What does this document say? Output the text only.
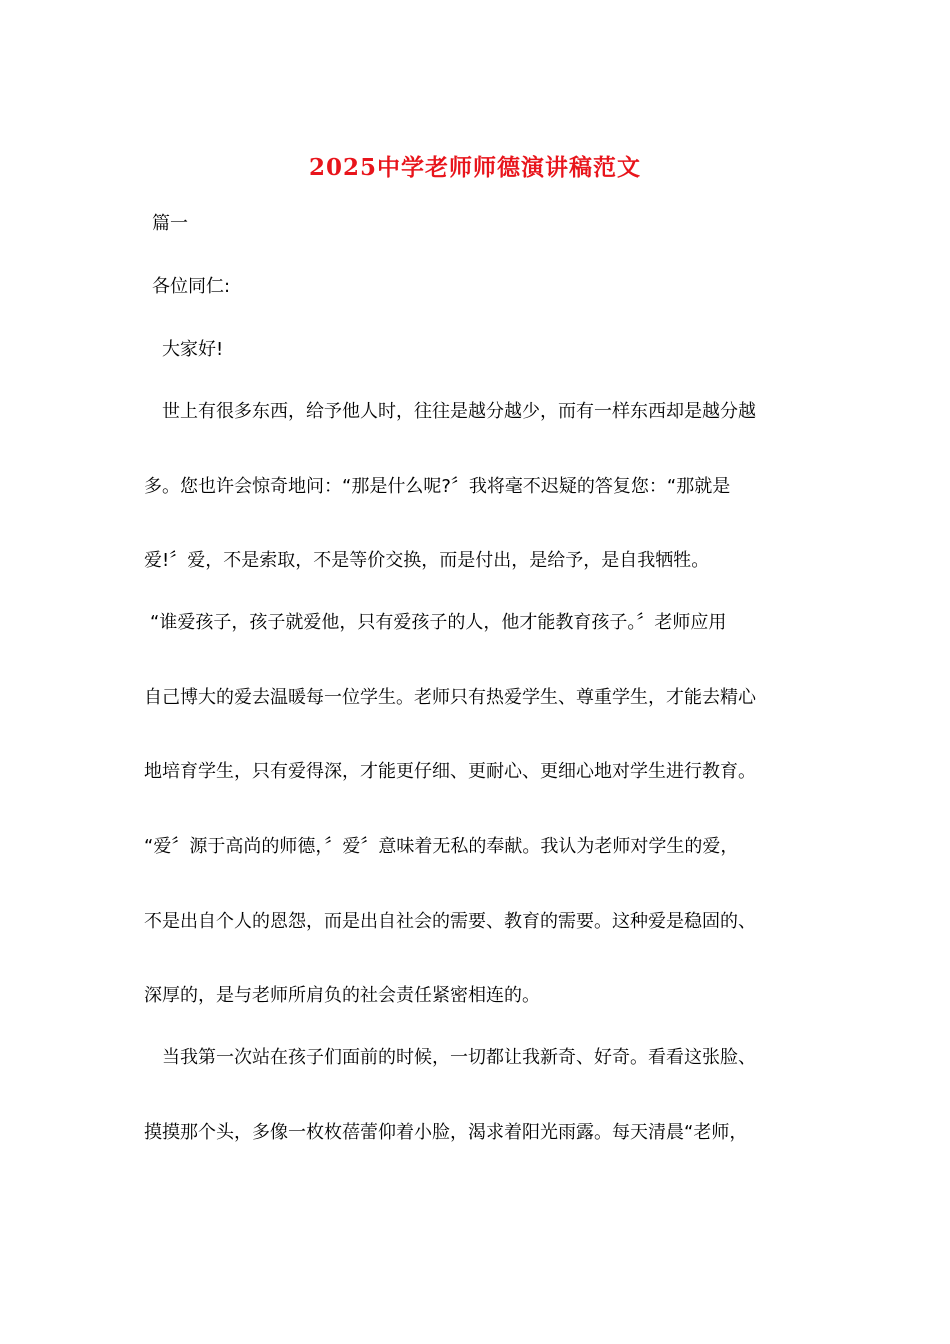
2025中学老师师德演讲稿范文
篇一
各位同仁:
大家好!
世上有很多东西，给予他人时，往往是越分越少，而有一样东西却是越分越
多。您也许会惊奇地问：“那是什么呢?〞我将毫不迟疑的答复您：“那就是
爱!〞爱，不是索取，不是等价交换，而是付出，是给予，是自我牺牲。
“谁爱孩子，孩子就爱他，只有爱孩子的人，他才能教育孩子。〞老师应用
自己博大的爱去温暖每一位学生。老师只有热爱学生、尊重学生，才能去精心
地培育学生，只有爱得深，才能更仔细、更耐心、更细心地对学生进行教育。
“爱〞源于高尚的师德，〞爱〞意味着无私的奉献。我认为老师对学生的爱，
不是出自个人的恩怨，而是出自社会的需要、教育的需要。这种爱是稳固的、
深厚的，是与老师所肩负的社会责任紧密相连的。
当我第一次站在孩子们面前的时候，一切都让我新奇、好奇。看看这张脸、
摸摸那个头，多像一枚枚蓓蕾仰着小脸，渴求着阳光雨露。每天清晨“老师，
